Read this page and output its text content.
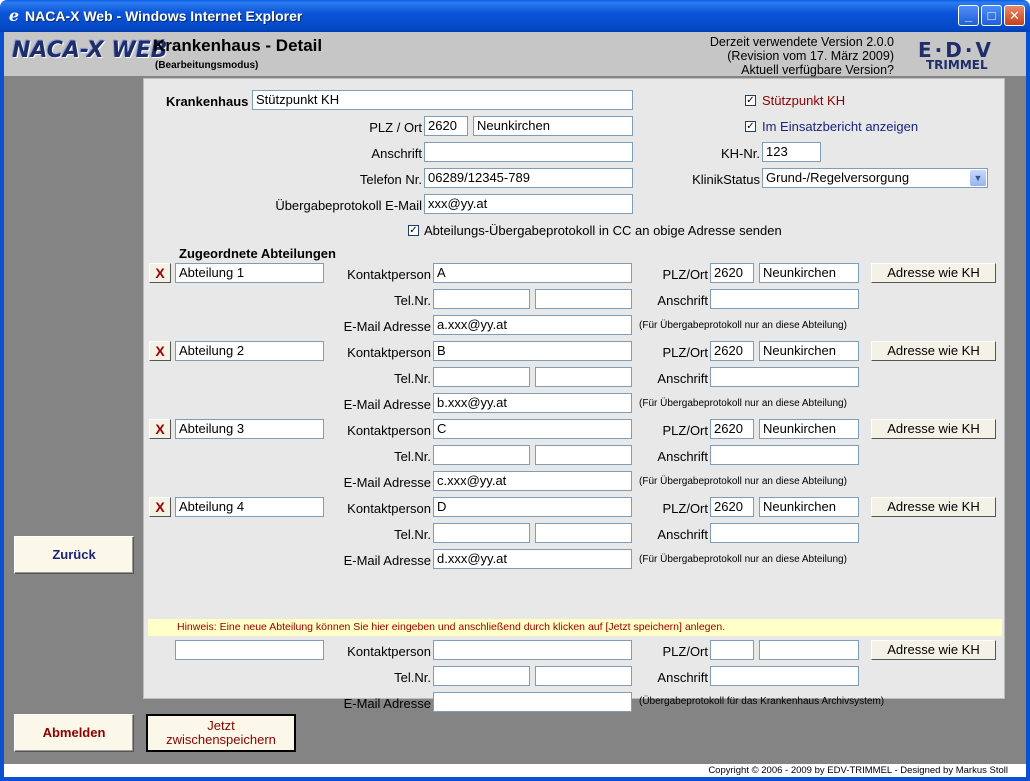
e NACA-X Web - Windows Internet Explorer	_	□	✕
NACA-X WEB
Krankenhaus - Detail
(Bearbeitungsmodus)
Derzeit verwendete Version 2.0.0
(Revision vom 17. März 2009)
Aktuell verfügbare Version?
E·D·V
TRIMMEL
Zurück
Abmelden	Jetzt
zwischenspeichern
Copyright © 2006 - 2009 by EDV-TRIMMEL - Designed by Markus Stoll
Krankenhaus Stützpunkt KH
PLZ / Ort 2620	Neunkirchen
Anschrift
Telefon Nr. 06289/12345-789
Übergabeprotokoll E-Mail xxx@yy.at
✓ Abteilungs-Übergabeprotokoll in CC an obige Adresse senden
✓ Stützpunkt KH
✓ Im Einsatzbericht anzeigen
KH-Nr. 123
KlinikStatus Grund-/Regelversorgung	▼
Zugeordnete Abteilungen
X	Abteilung 1	Kontaktperson A	PLZ/Ort 2620	Neunkirchen	Adresse wie KH
Tel.Nr.	Anschrift
E-Mail Adresse a.xxx@yy.at	(Für Übergabeprotokoll nur an diese Abteilung)
X	Abteilung 2	Kontaktperson B	PLZ/Ort 2620	Neunkirchen	Adresse wie KH
Tel.Nr.	Anschrift
E-Mail Adresse b.xxx@yy.at	(Für Übergabeprotokoll nur an diese Abteilung)
X	Abteilung 3	Kontaktperson C	PLZ/Ort 2620	Neunkirchen	Adresse wie KH
Tel.Nr.	Anschrift
E-Mail Adresse c.xxx@yy.at	(Für Übergabeprotokoll nur an diese Abteilung)
X	Abteilung 4	Kontaktperson D	PLZ/Ort 2620	Neunkirchen	Adresse wie KH
Tel.Nr.	Anschrift
E-Mail Adresse d.xxx@yy.at	(Für Übergabeprotokoll nur an diese Abteilung)
Hinweis: Eine neue Abteilung können Sie hier eingeben und anschließend durch klicken auf [Jetzt speichern] anlegen.
Kontaktperson	PLZ/Ort	Adresse wie KH
Tel.Nr.	Anschrift
E-Mail Adresse	(Übergabeprotokoll für das Krankenhaus Archivsystem)
